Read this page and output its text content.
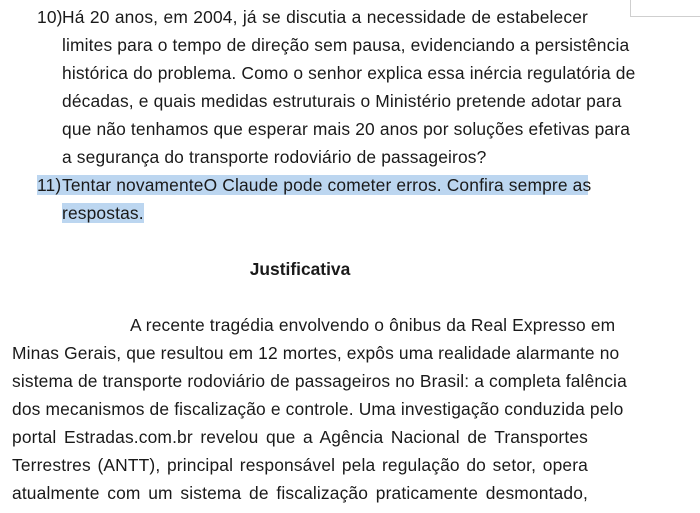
10) Há 20 anos, em 2004, já se discutia a necessidade de estabelecer
limites para o tempo de direção sem pausa, evidenciando a persistência
histórica do problema. Como o senhor explica essa inércia regulatória de
décadas, e quais medidas estruturais o Ministério pretende adotar para
que não tenhamos que esperar mais 20 anos por soluções efetivas para
a segurança do transporte rodoviário de passageiros?
11) Tentar novamenteO Claude pode cometer erros. Confira sempre as
respostas.
Justificativa
A recente tragédia envolvendo o ônibus da Real Expresso em
Minas Gerais, que resultou em 12 mortes, expôs uma realidade alarmante no
sistema de transporte rodoviário de passageiros no Brasil: a completa falência
dos mecanismos de fiscalização e controle. Uma investigação conduzida pelo
portal Estradas.com.br revelou que a Agência Nacional de Transportes
Terrestres (ANTT), principal responsável pela regulação do setor, opera
atualmente com um sistema de fiscalização praticamente desmontado,
